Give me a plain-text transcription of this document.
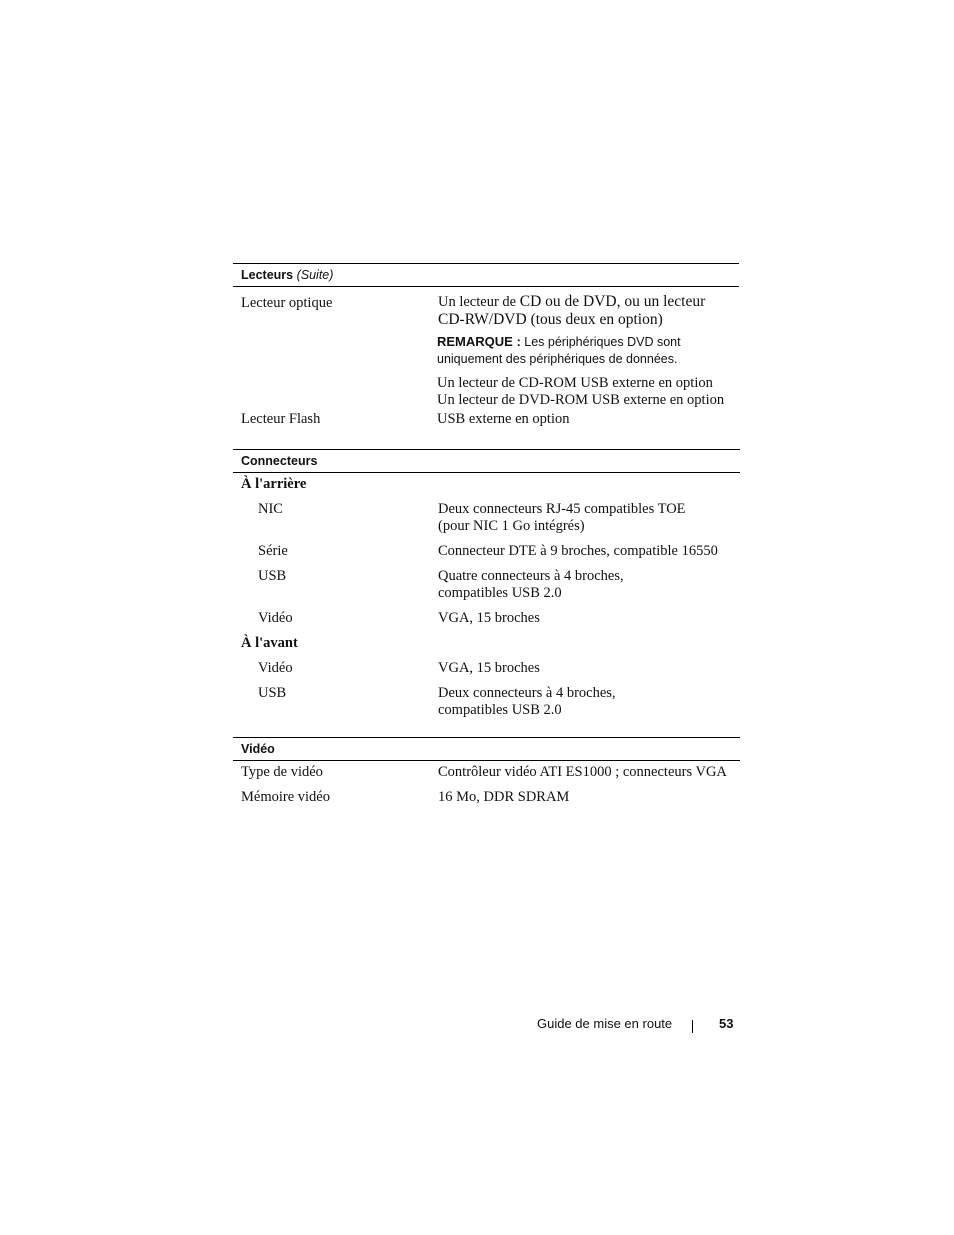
Lecteurs (Suite)
Lecteur optique	Un lecteur de CD ou de DVD, ou un lecteur
CD-RW/DVD (tous deux en option)
REMARQUE : Les périphériques DVD sont
uniquement des périphériques de données.
Un lecteur de CD-ROM USB externe en option
Un lecteur de DVD-ROM USB externe en option
Lecteur Flash	USB externe en option
Connecteurs
À l'arrière
NIC	Deux connecteurs RJ-45 compatibles TOE
(pour NIC 1 Go intégrés)
Série	Connecteur DTE à 9 broches, compatible 16550
USB	Quatre connecteurs à 4 broches,
compatibles USB 2.0
Vidéo	VGA, 15 broches
À l'avant
Vidéo	VGA, 15 broches
USB	Deux connecteurs à 4 broches,
compatibles USB 2.0
Vidéo
Type de vidéo	Contrôleur vidéo ATI ES1000 ; connecteurs VGA
Mémoire vidéo	16 Mo, DDR SDRAM
Guide de mise en route	53
